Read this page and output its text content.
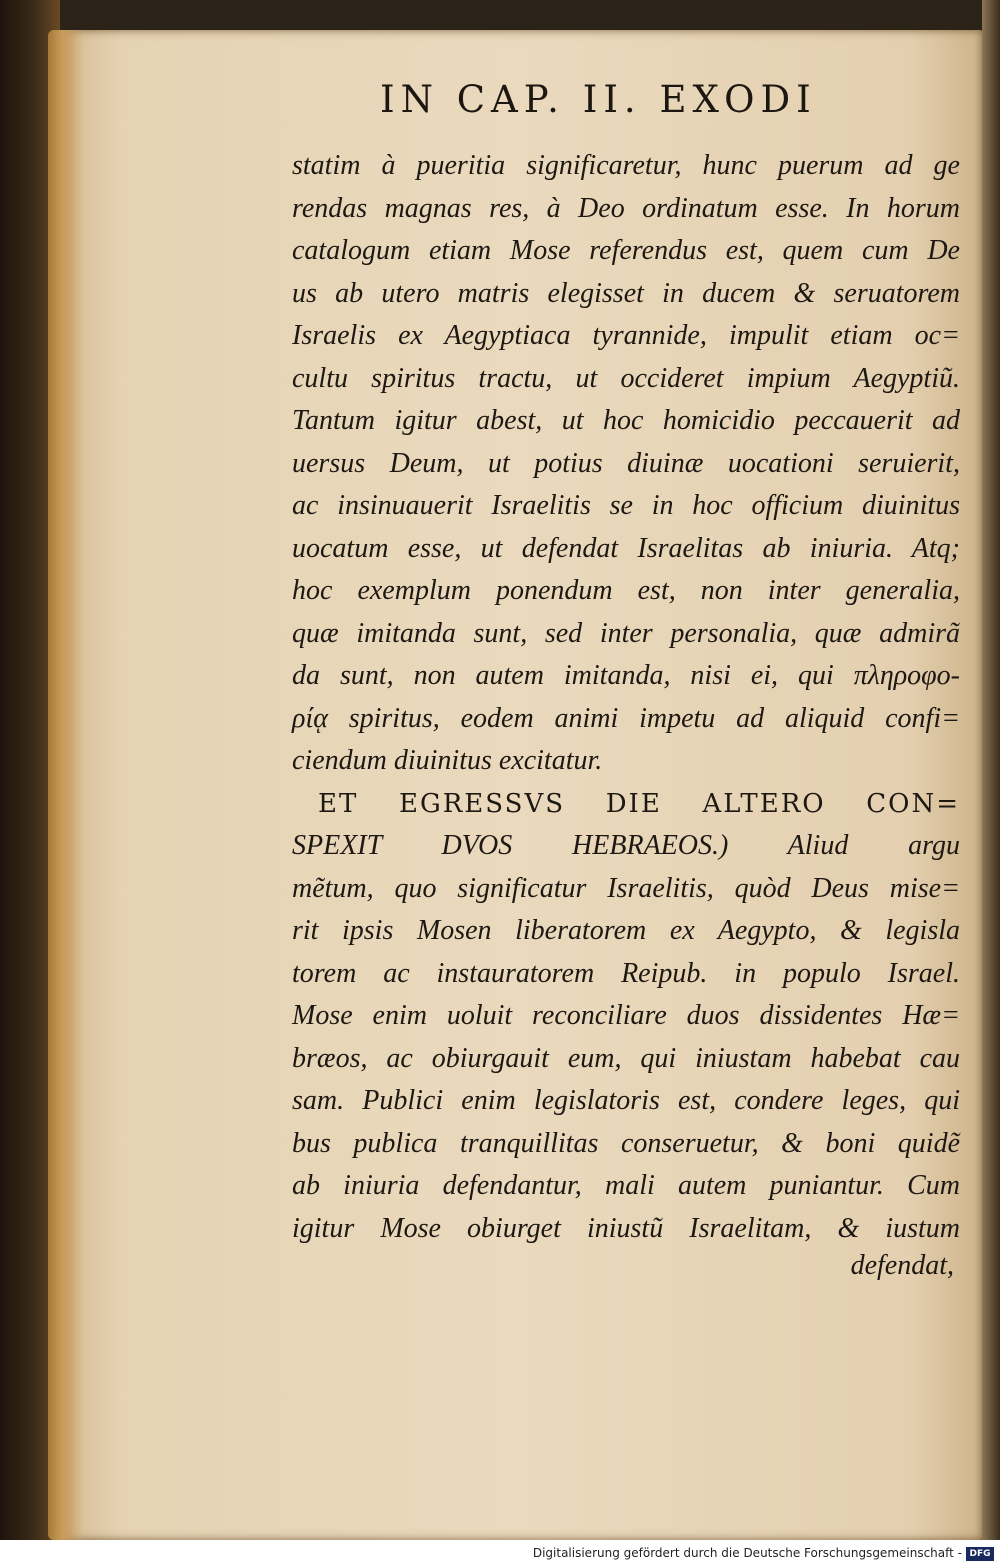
IN CAP. II. EXODI
statim à pueritia significaretur, hunc puerum ad ge
rendas magnas res, à Deo ordinatum esse. In horum
catalogum etiam Mose referendus est, quem cum De
us ab utero matris elegisset in ducem & seruatorem
Israelis ex Aegyptiaca tyrannide, impulit etiam oc=
cultu spiritus tractu, ut occideret impium Aegyptiũ.
Tantum igitur abest, ut hoc homicidio peccauerit ad
uersus Deum, ut potius diuinæ uocationi seruierit,
ac insinuauerit Israelitis se in hoc officium diuinitus
uocatum esse, ut defendat Israelitas ab iniuria. Atq;
hoc exemplum ponendum est, non inter generalia,
quæ imitanda sunt, sed inter personalia, quæ admirã
da sunt, non autem imitanda, nisi ei, qui πληροφο-
ρίᾳ spiritus, eodem animi impetu ad aliquid confi=
ciendum diuinitus excitatur.
ET EGRESSVS DIE ALTERO CON=
SPEXIT DVOS HEBRAEOS.) Aliud argu
mẽtum, quo significatur Israelitis, quòd Deus mise=
rit ipsis Mosen liberatorem ex Aegypto, & legisla
torem ac instauratorem Reipub. in populo Israel.
Mose enim uoluit reconciliare duos dissidentes Hæ=
bræos, ac obiurgauit eum, qui iniustam habebat cau
sam. Publici enim legislatoris est, condere leges, qui
bus publica tranquillitas conseruetur, & boni quidẽ
ab iniuria defendantur, mali autem puniantur. Cum
igitur Mose obiurget iniustũ Israelitam, & iustum
defendat,
Digitalisierung gefördert durch die Deutsche Forschungsgemeinschaft - DFG
